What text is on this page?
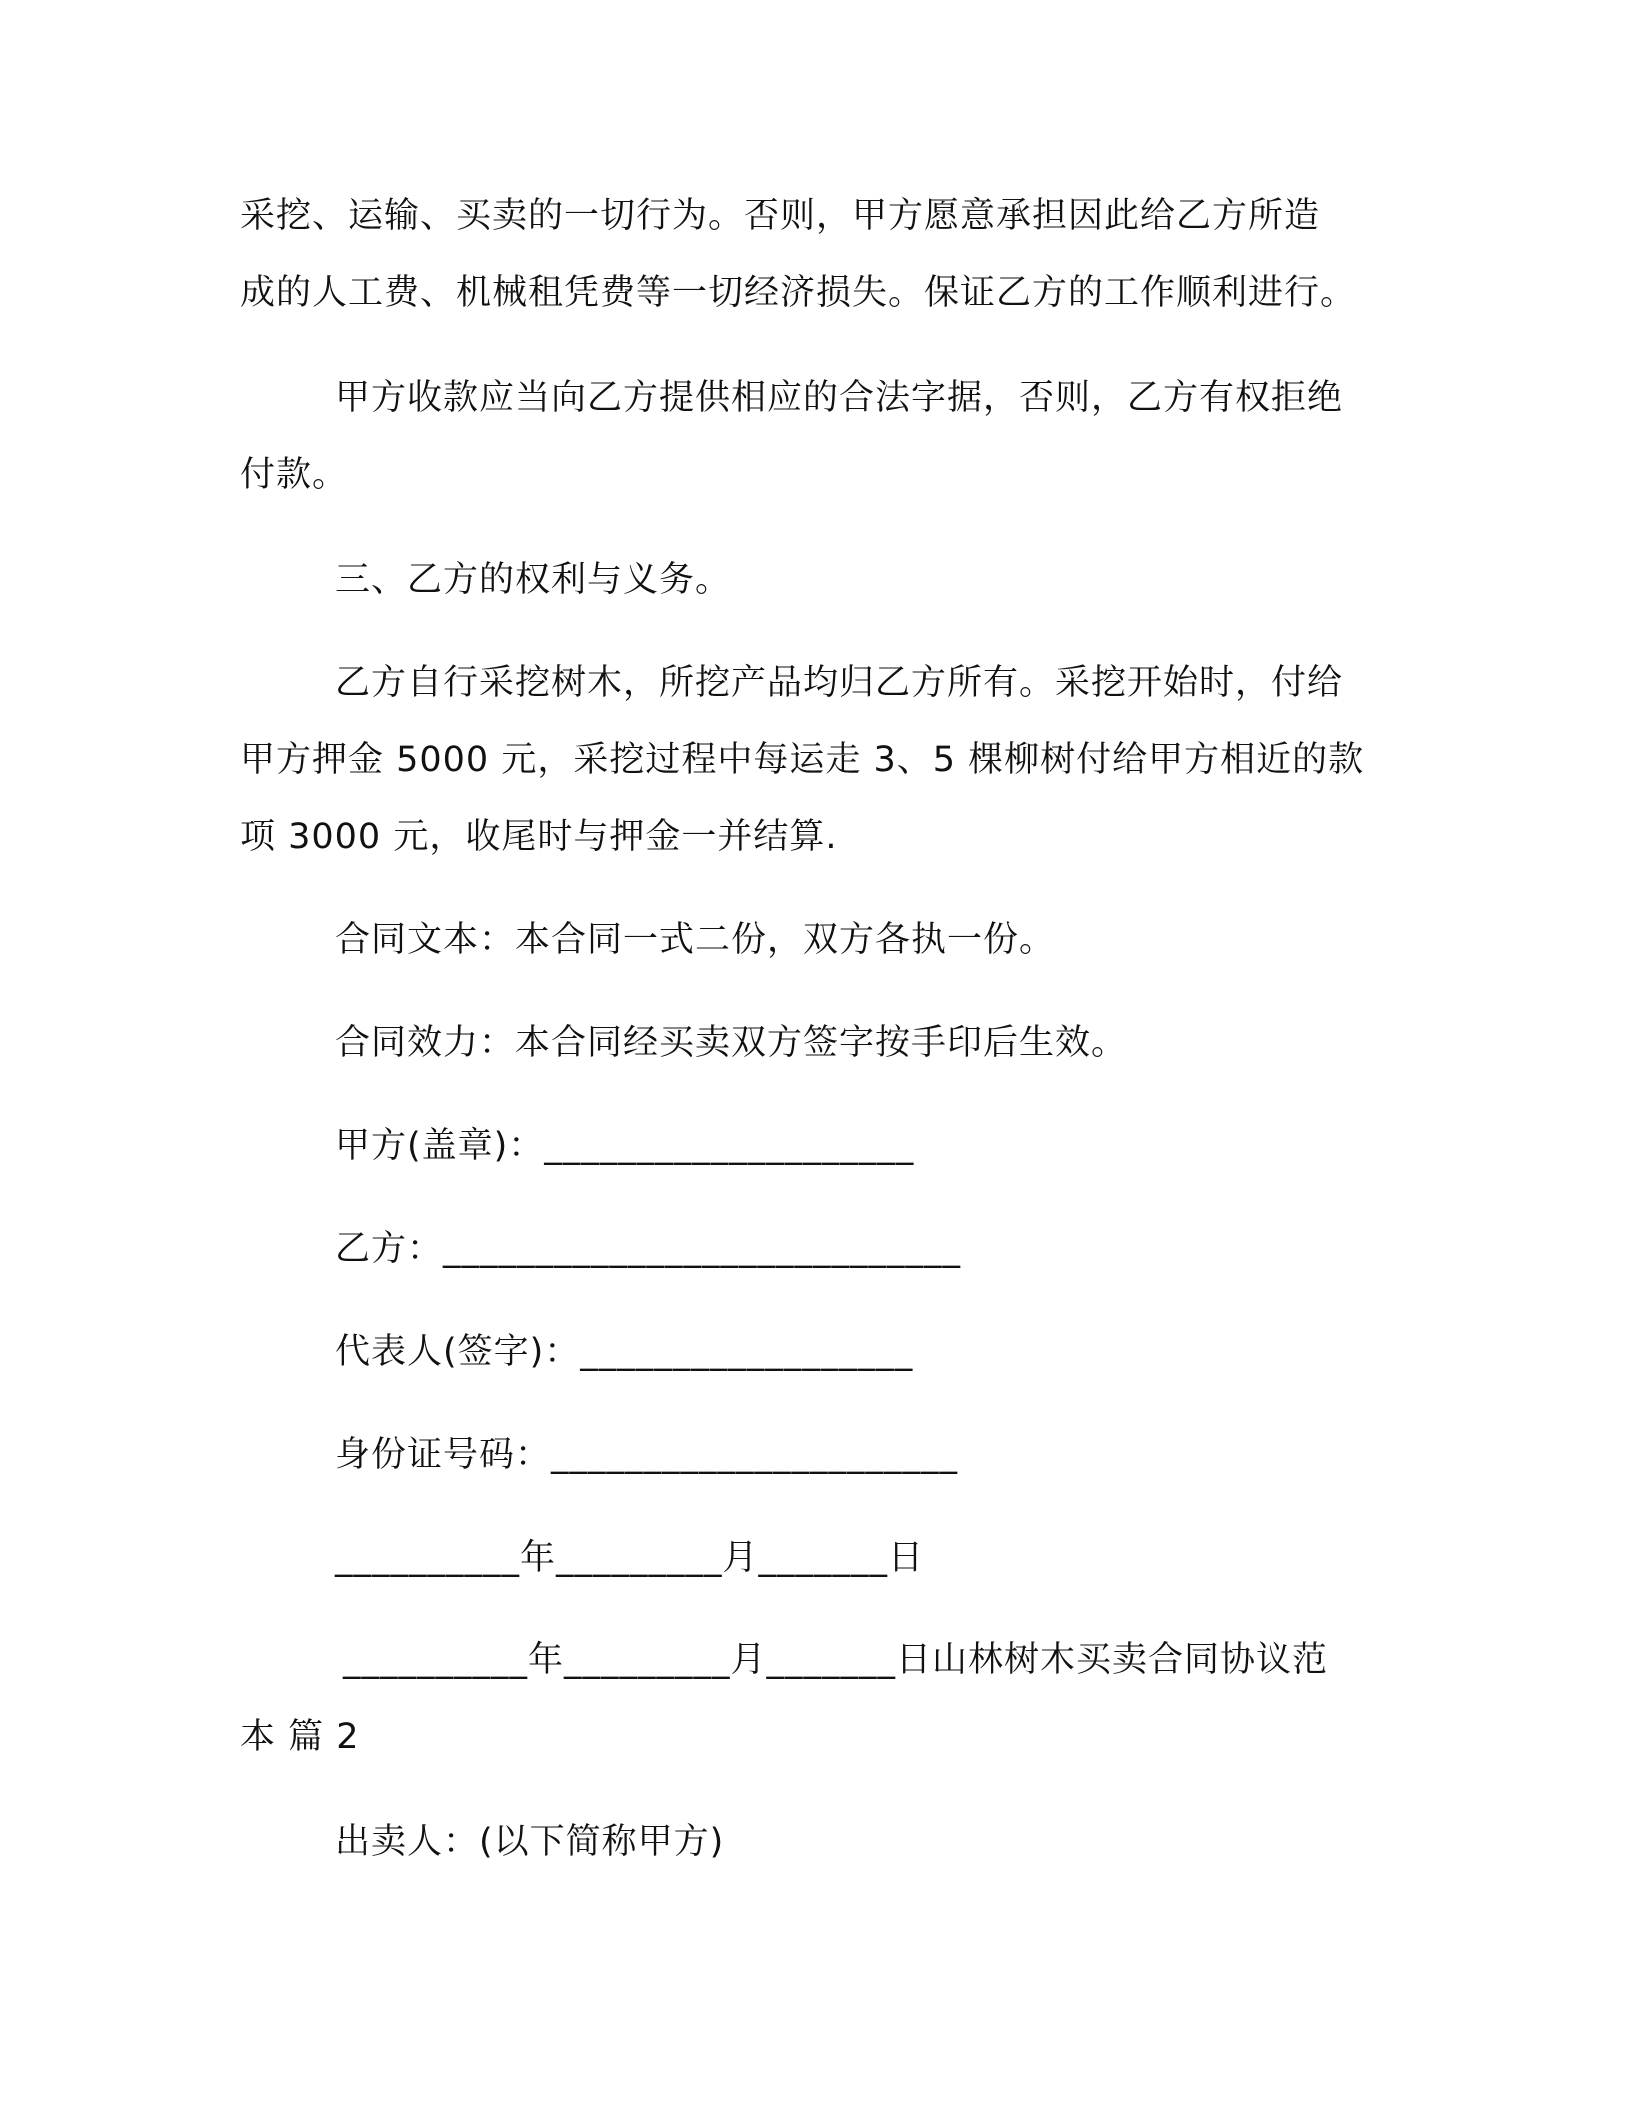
采挖、运输、买卖的一切行为。否则，甲方愿意承担因此给乙方所造
成的人工费、机械租凭费等一切经济损失。保证乙方的工作顺利进行。
甲方收款应当向乙方提供相应的合法字据，否则，乙方有权拒绝
付款。
三、乙方的权利与义务。
乙方自行采挖树木，所挖产品均归乙方所有。采挖开始时，付给
甲方押金 5000 元，采挖过程中每运走 3、5 棵柳树付给甲方相近的款
项 3000 元，收尾时与押金一并结算.
合同文本：本合同一式二份，双方各执一份。
合同效力：本合同经买卖双方签字按手印后生效。
甲方(盖章)：____________________
乙方：____________________________
代表人(签字)：__________________
身份证号码：______________________
__________年_________月_______日
__________年_________月_______日山林树木买卖合同协议范
本 篇 2
出卖人：(以下简称甲方)
